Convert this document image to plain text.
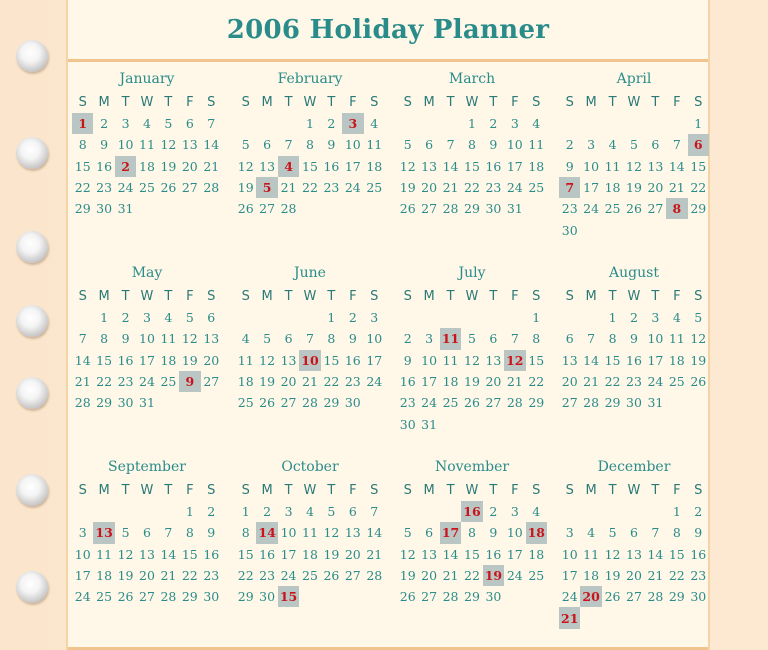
2006 Holiday Planner
January
S	M	T	W	T	F	S
1	2	3	4	5	6	7
8	9	10	11	12	13	14
15	16	2	18	19	20	21
22	23	24	25	26	27	28
29	30	31				
February
S	M	T	W	T	F	S
			1	2	3	4
5	6	7	8	9	10	11
12	13	4	15	16	17	18
19	5	21	22	23	24	25
26	27	28				
March
S	M	T	W	T	F	S
			1	2	3	4
5	6	7	8	9	10	11
12	13	14	15	16	17	18
19	20	21	22	23	24	25
26	27	28	29	30	31	
April
S	M	T	W	T	F	S
						1
2	3	4	5	6	7	6
9	10	11	12	13	14	15
7	17	18	19	20	21	22
23	24	25	26	27	8	29
30						
May
S	M	T	W	T	F	S
	1	2	3	4	5	6
7	8	9	10	11	12	13
14	15	16	17	18	19	20
21	22	23	24	25	9	27
28	29	30	31			
June
S	M	T	W	T	F	S
				1	2	3
4	5	6	7	8	9	10
11	12	13	10	15	16	17
18	19	20	21	22	23	24
25	26	27	28	29	30	
July
S	M	T	W	T	F	S
						1
2	3	11	5	6	7	8
9	10	11	12	13	12	15
16	17	18	19	20	21	22
23	24	25	26	27	28	29
30	31					
August
S	M	T	W	T	F	S
		1	2	3	4	5
6	7	8	9	10	11	12
13	14	15	16	17	18	19
20	21	22	23	24	25	26
27	28	29	30	31		
September
S	M	T	W	T	F	S
					1	2
3	13	5	6	7	8	9
10	11	12	13	14	15	16
17	18	19	20	21	22	23
24	25	26	27	28	29	30
October
S	M	T	W	T	F	S
1	2	3	4	5	6	7
8	14	10	11	12	13	14
15	16	17	18	19	20	21
22	23	24	25	26	27	28
29	30	15				
November
S	M	T	W	T	F	S
			16	2	3	4
5	6	17	8	9	10	18
12	13	14	15	16	17	18
19	20	21	22	19	24	25
26	27	28	29	30		
December
S	M	T	W	T	F	S
					1	2
3	4	5	6	7	8	9
10	11	12	13	14	15	16
17	18	19	20	21	22	23
24	20	26	27	28	29	30
21						
